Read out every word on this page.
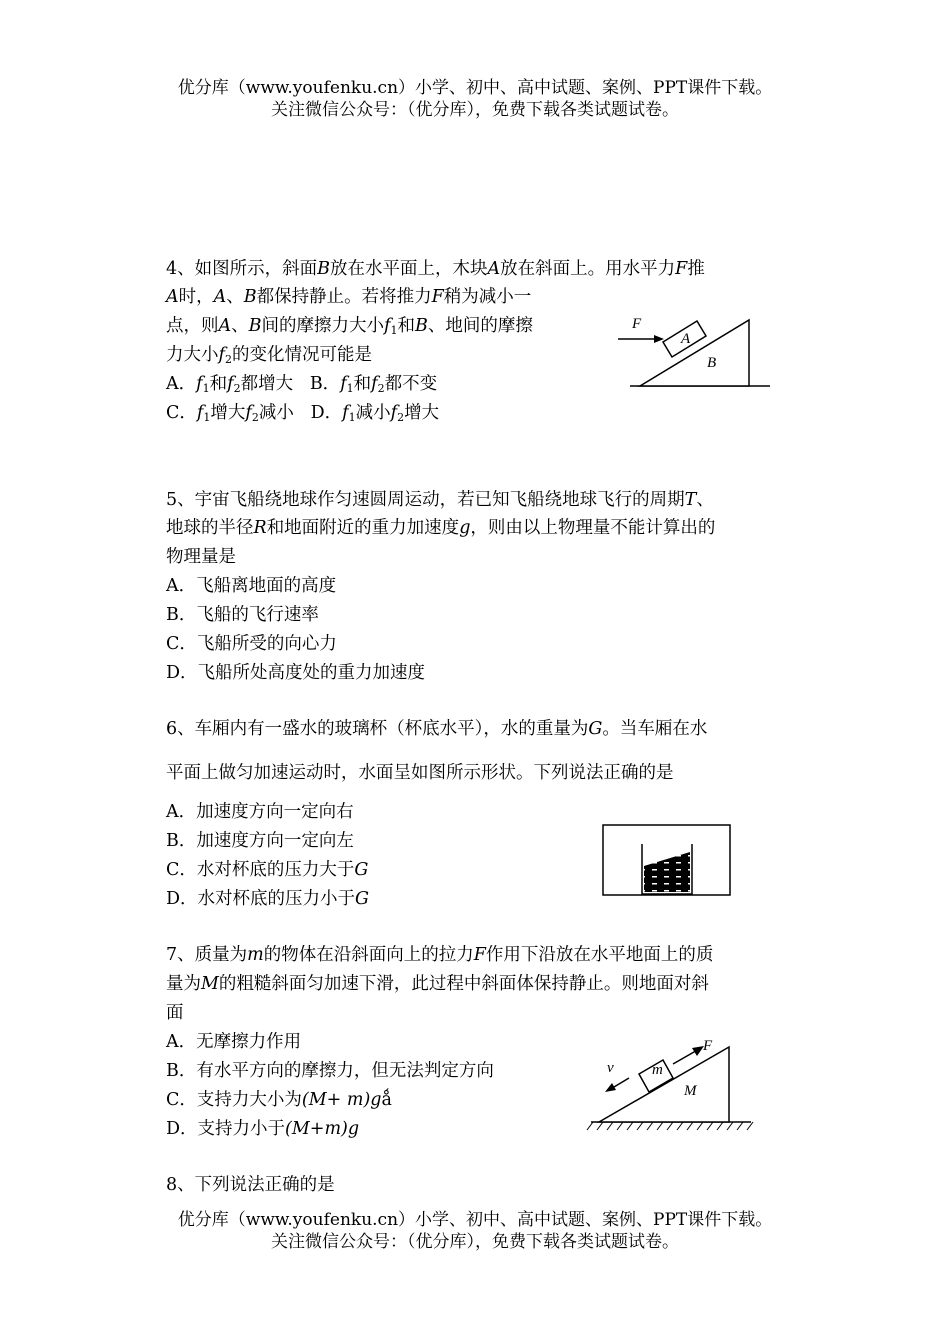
优分库（www.youfenku.cn）小学、初中、高中试题、案例、PPT课件下载。
关注微信公众号：（优分库），免费下载各类试题试卷。
4、如图所示，斜面B放在水平面上，木块A放在斜面上。用水平力F推
A时，A、B都保持静止。若将推力F稍为减小一
点，则A、B间的摩擦力大小$f_1$和B、地间的摩擦
力大小$f_2$的变化情况可能是
A．$f_1$和$f_2$都增大   B．$f_1$和$f_2$都不变
C．$f_1$增大$f_2$减小   D．$f_1$减小$f_2$增大
F
A
B
5、宇宙飞船绕地球作匀速圆周运动，若已知飞船绕地球飞行的周期T、
地球的半径R和地面附近的重力加速度g，则由以上物理量不能计算出的
物理量是
A．飞船离地面的高度
B．飞船的飞行速率
C．飞船所受的向心力
D．飞船所处高度处的重力加速度
6、车厢内有一盛水的玻璃杯（杯底水平），水的重量为G。当车厢在水
平面上做匀加速运动时，水面呈如图所示形状。下列说法正确的是
A．加速度方向一定向右
B．加速度方向一定向左
C．水对杯底的压力大于G
D．水对杯底的压力小于G
7、质量为m的物体在沿斜面向上的拉力F作用下沿放在水平地面上的质
量为M的粗糙斜面匀加速下滑，此过程中斜面体保持静止。则地面对斜
面
A．无摩擦力作用
B．有水平方向的摩擦力，但无法判定方向
C．支持力大小为(M+ m)gǻ
D．支持力小于(M+m)g
F
v	m
M
8、下列说法正确的是
优分库（www.youfenku.cn）小学、初中、高中试题、案例、PPT课件下载。
关注微信公众号：（优分库），免费下载各类试题试卷。
